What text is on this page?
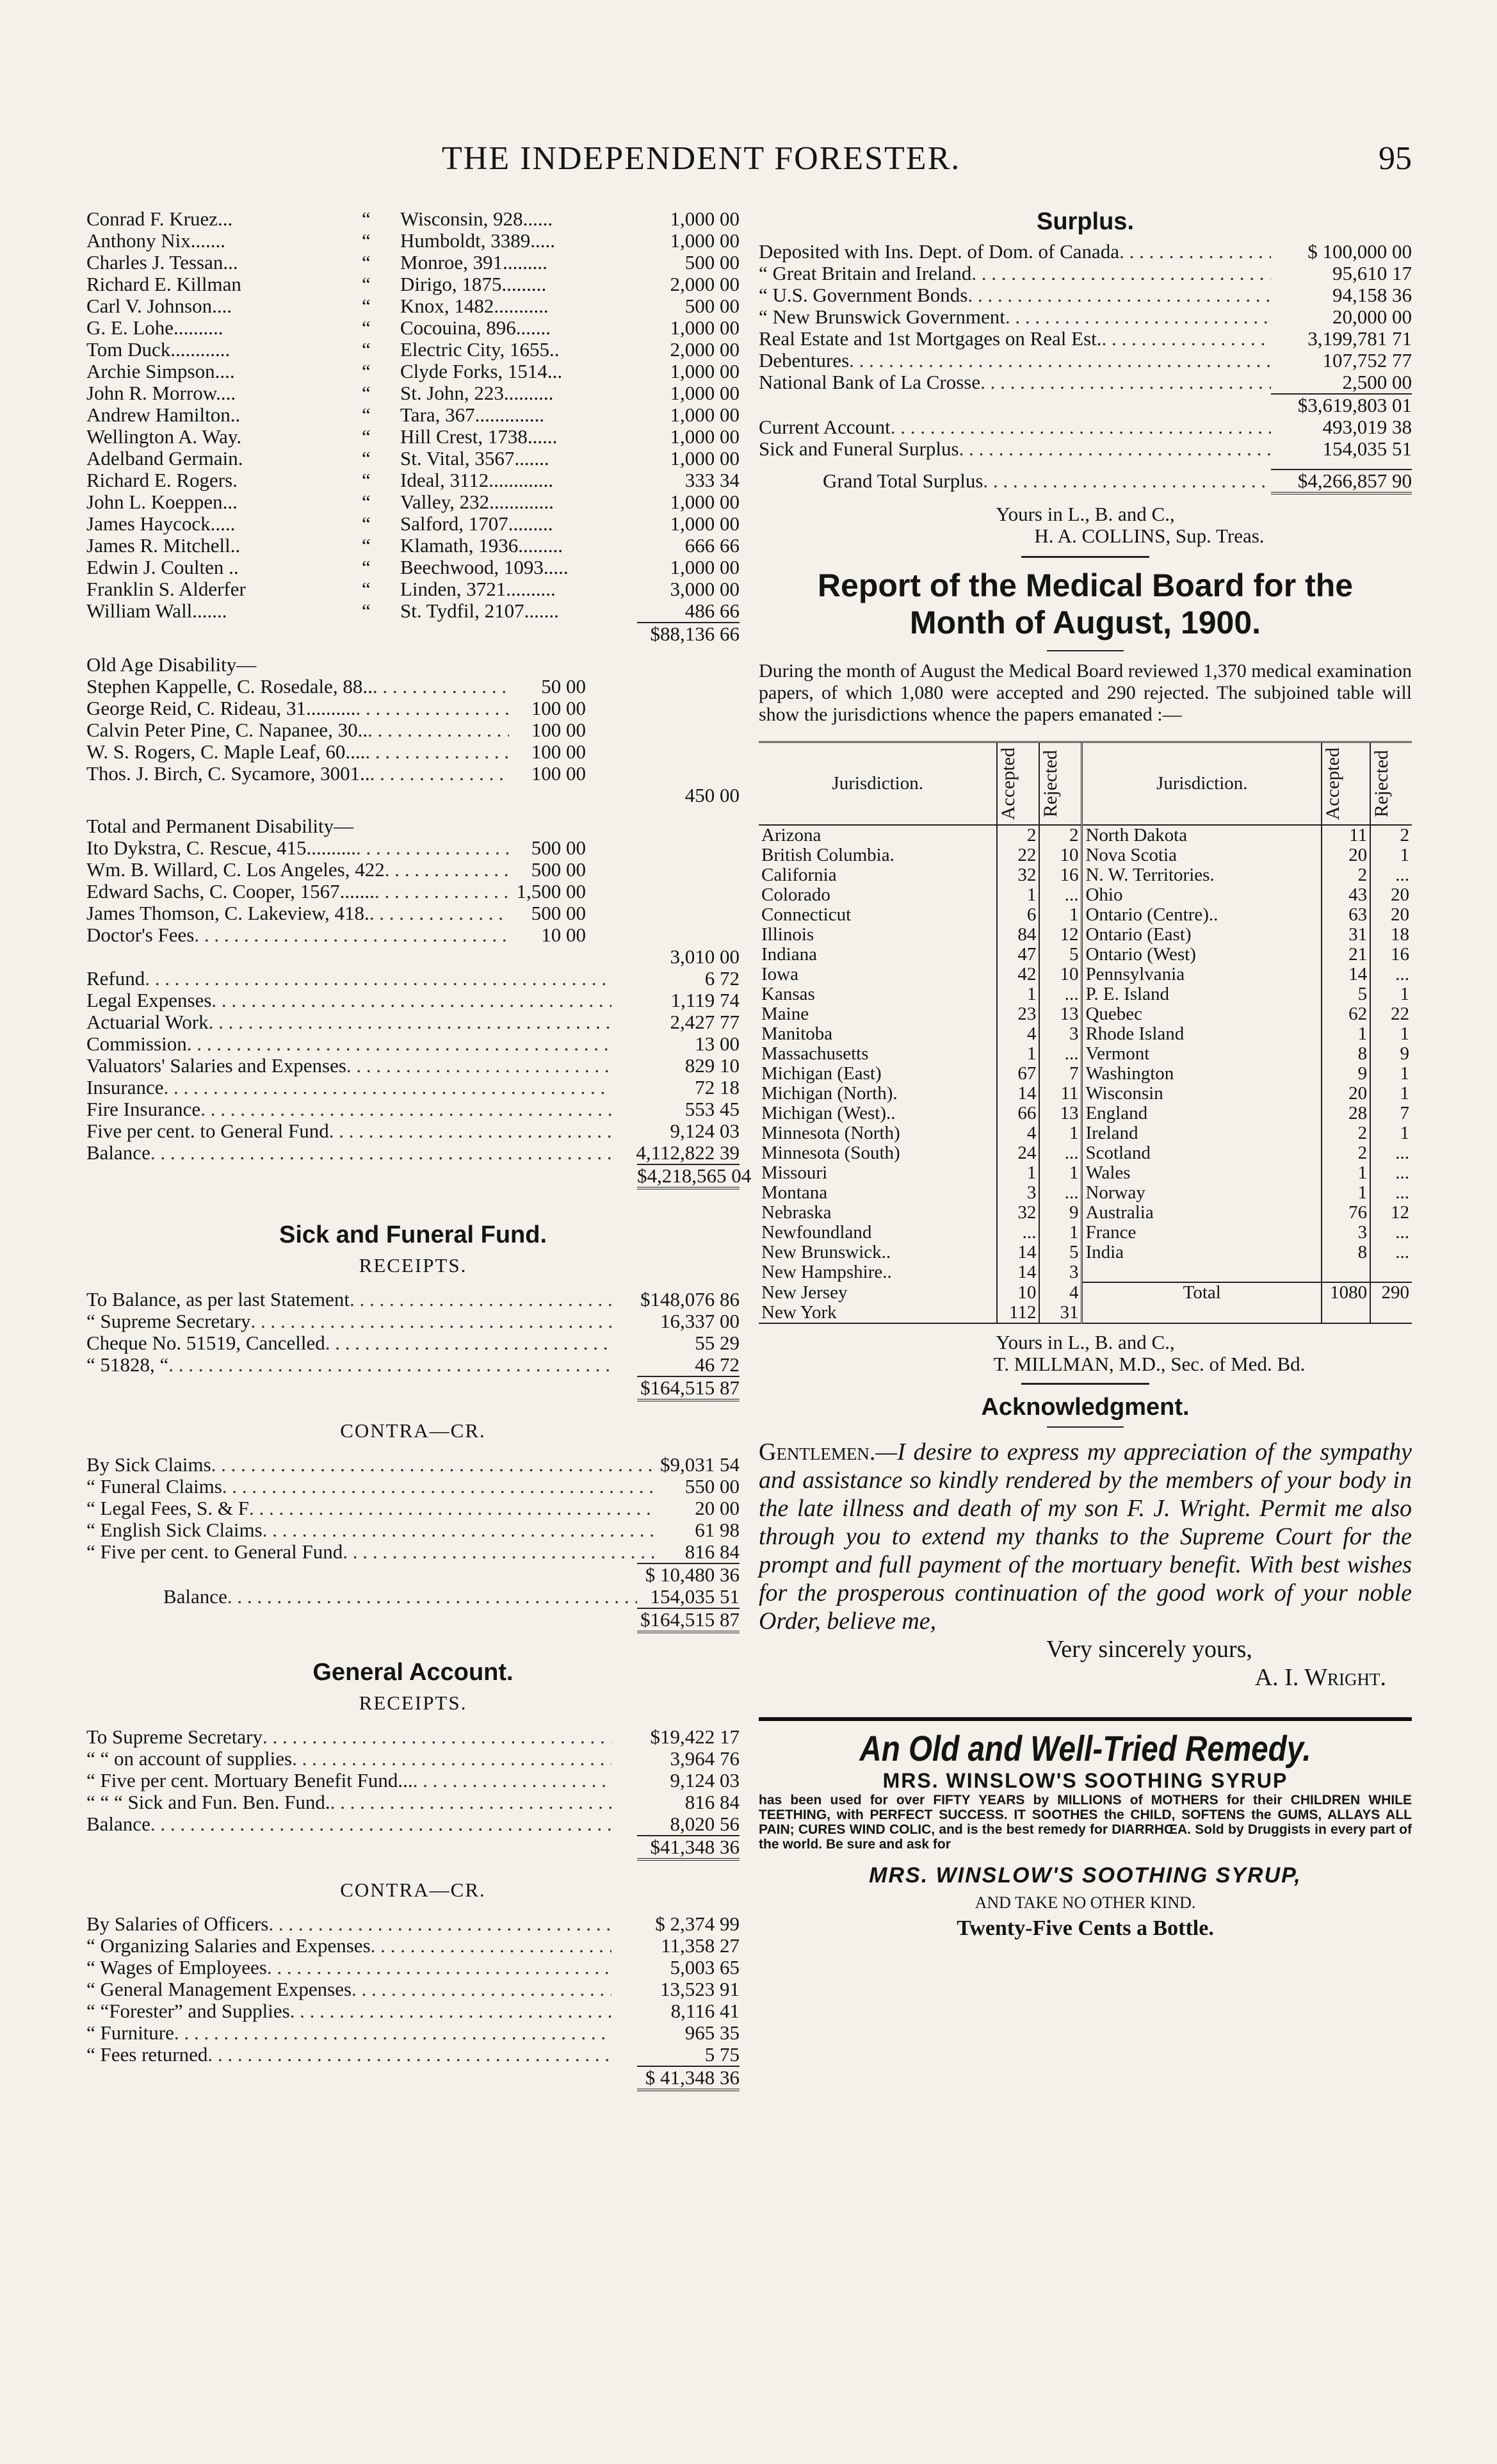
THE INDEPENDENT FORESTER.	95
Conrad F. Kruez...	“	Wisconsin, 928......	1,000 00
Anthony Nix.......	“	Humboldt, 3389.....	1,000 00
Charles J. Tessan...	“	Monroe, 391.........	500 00
Richard E. Killman	“	Dirigo, 1875.........	2,000 00
Carl V. Johnson....	“	Knox, 1482...........	500 00
G. E. Lohe..........	“	Cocouina, 896.......	1,000 00
Tom Duck............	“	Electric City, 1655..	2,000 00
Archie Simpson....	“	Clyde Forks, 1514...	1,000 00
John R. Morrow....	“	St. John, 223..........	1,000 00
Andrew Hamilton..	“	Tara, 367..............	1,000 00
Wellington A. Way.	“	Hill Crest, 1738......	1,000 00
Adelband Germain.	“	St. Vital, 3567.......	1,000 00
Richard E. Rogers.	“	Ideal, 3112.............	333 34
John L. Koeppen...	“	Valley, 232.............	1,000 00
James Haycock.....	“	Salford, 1707.........	1,000 00
James R. Mitchell..	“	Klamath, 1936.........	666 66
Edwin J. Coulten ..	“	Beechwood, 1093.....	1,000 00
Franklin S. Alderfer	“	Linden, 3721..........	3,000 00
William Wall.......	“	St. Tydfil, 2107.......	486 66
$88,136 66
Old Age Disability—
Stephen Kappelle, C. Rosedale, 88.. . . .	50 00
George Reid, C. Rideau, 31.......... . . .	100 00
Calvin Peter Pine, C. Napanee, 30.. . . .	100 00
W. S. Rogers, C. Maple Leaf, 60.... . . .	100 00
Thos. J. Birch, C. Sycamore, 3001.. . . .	100 00
450 00
Total and Permanent Disability—
Ito Dykstra, C. Rescue, 415.......... . . .	500 00
Wm. B. Willard, C. Los Angeles, 422 . . .	500 00
Edward Sachs, C. Cooper, 1567....... . . .	1,500 00
James Thomson, C. Lakeview, 418. . . .	500 00
Doctor's Fees . . .	10 00
3,010 00
Refund . . .	6 72
Legal Expenses . . .	1,119 74
Actuarial Work . . .	2,427 77
Commission . . .	13 00
Valuators' Salaries and Expenses . . .	829 10
Insurance . . .	72 18
Fire Insurance . . .	553 45
Five per cent. to General Fund . . .	9,124 03
Balance . . .	4,112,822 39
$4,218,565 04
Sick and Funeral Fund.
RECEIPTS.
To Balance, as per last Statement . . .	$148,076 86
“ Supreme Secretary . . .	16,337 00
Cheque No. 51519, Cancelled . . .	55 29
“ 51828, “ . . .	46 72
$164,515 87
CONTRA—CR.
By Sick Claims . . .	$9,031 54
“ Funeral Claims . . .	550 00
“ Legal Fees, S. & F . . .	20 00
“ English Sick Claims . . .	61 98
“ Five per cent. to General Fund . . .	816 84
$ 10,480 36
Balance . . .	154,035 51
$164,515 87
General Account.
RECEIPTS.
To Supreme Secretary . . .	$19,422 17
“ “ on account of supplies . . .	3,964 76
“ Five per cent. Mortuary Benefit Fund... . . .	9,124 03
“ “ “ Sick and Fun. Ben. Fund. . . .	816 84
Balance . . .	8,020 56
$41,348 36
CONTRA—CR.
By Salaries of Officers . . .	$ 2,374 99
“ Organizing Salaries and Expenses . . .	11,358 27
“ Wages of Employees . . .	5,003 65
“ General Management Expenses . . .	13,523 91
“ “Forester” and Supplies . . .	8,116 41
“ Furniture . . .	965 35
“ Fees returned . . .	5 75
$ 41,348 36
Surplus.
Deposited with Ins. Dept. of Dom. of Canada . . .	$ 100,000 00
“ Great Britain and Ireland . . .	95,610 17
“ U.S. Government Bonds . . .	94,158 36
“ New Brunswick Government . . .	20,000 00
Real Estate and 1st Mortgages on Real Est. . . .	3,199,781 71
Debentures . . .	107,752 77
National Bank of La Crosse . . .	2,500 00
$3,619,803 01
Current Account . . .	493,019 38
Sick and Funeral Surplus . . .	154,035 51
Grand Total Surplus . . .	$4,266,857 90
Yours in L., B. and C.,
H. A. COLLINS, Sup. Treas.
Report of the Medical Board for the
Month of August, 1900.
During the month of August the Medical Board reviewed 1,370 medical examination papers, of which 1,080 were accepted and 290 rejected. The subjoined table will show the jurisdictions whence the papers emanated :—
Jurisdiction.	Accepted	Rejected	Jurisdiction.	Accepted	Rejected

Arizona	2	2	North Dakota	11	2
British Columbia.	22	10	Nova Scotia	20	1
California	32	16	N. W. Territories.	2	...
Colorado	1	...	Ohio	43	20
Connecticut	6	1	Ontario (Centre)..	63	20
Illinois	84	12	Ontario (East)	31	18
Indiana	47	5	Ontario (West)	21	16
Iowa	42	10	Pennsylvania	14	...
Kansas	1	...	P. E. Island	5	1
Maine	23	13	Quebec	62	22
Manitoba	4	3	Rhode Island	1	1
Massachusetts	1	...	Vermont	8	9
Michigan (East)	67	7	Washington	9	1
Michigan (North).	14	11	Wisconsin	20	1
Michigan (West)..	66	13	England	28	7
Minnesota (North)	4	1	Ireland	2	1
Minnesota (South)	24	...	Scotland	2	...
Missouri	1	1	Wales	1	...
Montana	3	...	Norway	1	...
Nebraska	32	9	Australia	76	12
Newfoundland	...	1	France	3	...
New Brunswick..	14	5	India	8	...
New Hampshire..	14	3			
New Jersey	10	4	Total	1080	290
New York	112	31			
Yours in L., B. and C.,
T. MILLMAN, M.D., Sec. of Med. Bd.
Acknowledgment.
Gentlemen.—I desire to express my appreciation of the sympathy and assistance so kindly rendered by the members of your body in the late illness and death of my son F. J. Wright. Permit me also through you to extend my thanks to the Supreme Court for the prompt and full payment of the mortuary benefit. With best wishes for the prosperous continuation of the good work of your noble Order, believe me,
Very sincerely yours,
A. I. Wright.
An Old and Well-Tried Remedy.
MRS. WINSLOW'S SOOTHING SYRUP
has been used for over FIFTY YEARS by MILLIONS of MOTHERS for their CHILDREN WHILE TEETHING, with PERFECT SUCCESS. IT SOOTHES the CHILD, SOFTENS the GUMS, ALLAYS ALL PAIN; CURES WIND COLIC, and is the best remedy for DIARRHŒA. Sold by Druggists in every part of the world. Be sure and ask for
MRS. WINSLOW'S SOOTHING SYRUP,
AND TAKE NO OTHER KIND.
Twenty-Five Cents a Bottle.
